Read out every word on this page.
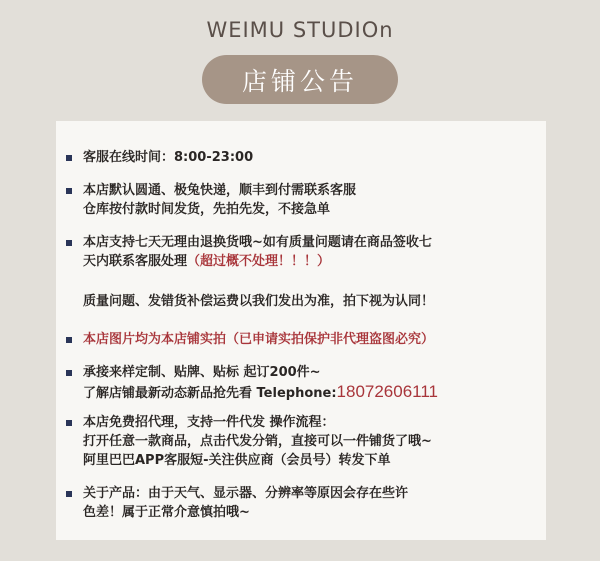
WEIMU STUDIOn
店铺公告
客服在线时间：8:00-23:00
本店默认圆通、极兔快递，顺丰到付需联系客服
仓库按付款时间发货，先拍先发，不接急单
本店支持七天无理由退换货哦~如有质量问题请在商品签收七
天内联系客服处理（超过概不处理！！！）
质量问题、发错货补偿运费以我们发出为准，拍下视为认同！
本店图片均为本店铺实拍（已申请实拍保护非代理盗图必究）
承接来样定制、贴牌、贴标 起订200件~
了解店铺最新动态新品抢先看 Telephone:18072606111
本店免费招代理，支持一件代发 操作流程：
打开任意一款商品，点击代发分销，直接可以一件铺货了哦~
阿里巴巴APP客服短-关注供应商（会员号）转发下单
关于产品：由于天气、显示器、分辨率等原因会存在些许
色差！属于正常介意慎拍哦~
